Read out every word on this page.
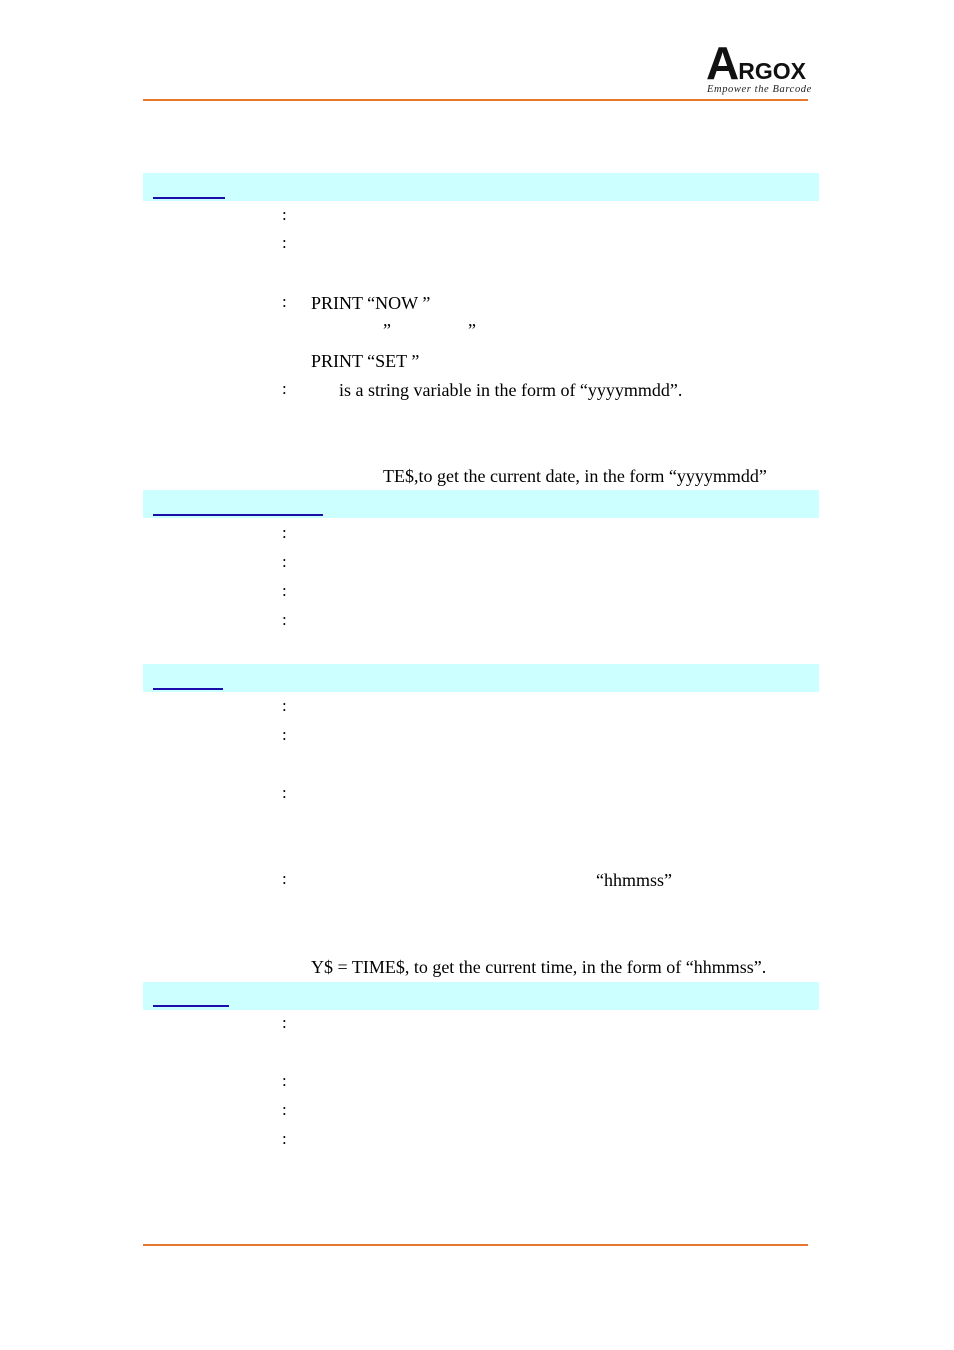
ARGOX
Empower the Barcode
:
:
: PRINT “NOW ”
”	”
PRINT “SET ”
:	is a string variable in the form of “yyyymmdd”.
TE$,to get the current date, in the form “yyyymmdd”
:
:
:
:
:
:
:
:	“hhmmss”
Y$ = TIME$, to get the current time, in the form of “hhmmss”.
:
:
:
:
